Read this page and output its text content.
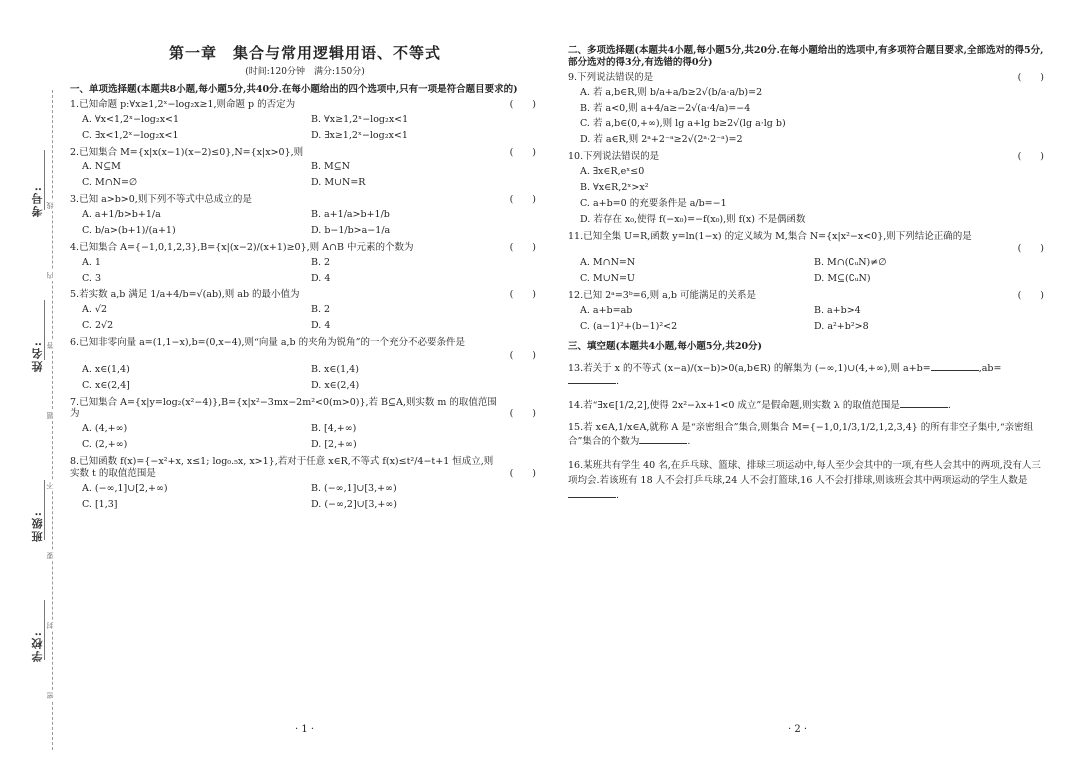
考号:
姓名:
班级:
学校:
线
内
答
题
不
要
封
密
第一章　集合与常用逻辑用语、不等式
(时间:120分钟　满分:150分)
一、单项选择题(本题共8小题,每小题5分,共40分.在每小题给出的四个选项中,只有一项是符合题目要求的)
1.已知命题 p:∀x≥1,2ˣ−log₂x≥1,则命题 p 的否定为	(　　)
A. ∀x<1,2ˣ−log₂x<1	B. ∀x≥1,2ˣ−log₂x<1
C. ∃x<1,2ˣ−log₂x<1	D. ∃x≥1,2ˣ−log₂x<1
2.已知集合 M={x|x(x−1)(x−2)≤0},N={x|x>0},则	(　　)
A. N⊆M	B. M⊆N
C. M∩N=∅	D. M∪N=R
3.已知 a>b>0,则下列不等式中总成立的是	(　　)
A. a+1/b>b+1/a	B. a+1/a>b+1/b
C. b/a>(b+1)/(a+1)	D. b−1/b>a−1/a
4.已知集合 A={−1,0,1,2,3},B={x|(x−2)/(x+1)≥0},则 A∩B 中元素的个数为	(　　)
A. 1	B. 2
C. 3	D. 4
5.若实数 a,b 满足 1/a+4/b=√(ab),则 ab 的最小值为	(　　)
A. √2	B. 2
C. 2√2	D. 4
6.已知非零向量 a=(1,1−x),b=(0,x−4),则“向量 a,b 的夹角为锐角”的一个充分不必要条件是
(　　)
A. x∈(1,4)	B. x∈(1,4)
C. x∈(2,4]	D. x∈(2,4)
7.已知集合 A={x|y=log₂(x²−4)},B={x|x²−3mx−2m²<0(m>0)},若 B⊆A,则实数 m 的取值范围为	(　　)
A. (4,+∞)	B. [4,+∞)
C. (2,+∞)	D. [2,+∞)
8.已知函数 f(x)={−x²+x, x≤1; log₀.₅x, x>1},若对于任意 x∈R,不等式 f(x)≤t²/4−t+1 恒成立,则实数 t 的取值范围是	(　　)
A. (−∞,1]∪[2,+∞)	B. (−∞,1]∪[3,+∞)
C. [1,3]	D. (−∞,2]∪[3,+∞)
· 1 ·
二、多项选择题(本题共4小题,每小题5分,共20分.在每小题给出的选项中,有多项符合题目要求,全部选对的得5分,部分选对的得3分,有选错的得0分)
9.下列说法错误的是	(　　)
A. 若 a,b∈R,则 b/a+a/b≥2√(b/a·a/b)=2
B. 若 a<0,则 a+4/a≥−2√(a·4/a)=−4
C. 若 a,b∈(0,+∞),则 lg a+lg b≥2√(lg a·lg b)
D. 若 a∈R,则 2ᵃ+2⁻ᵃ≥2√(2ᵃ·2⁻ᵃ)=2
10.下列说法错误的是	(　　)
A. ∃x∈R,eˣ≤0
B. ∀x∈R,2ˣ>x²
C. a+b=0 的充要条件是 a/b=−1
D. 若存在 x₀,使得 f(−x₀)=−f(x₀),则 f(x) 不是偶函数
11.已知全集 U=R,函数 y=ln(1−x) 的定义域为 M,集合 N={x|x²−x<0},则下列结论正确的是
(　　)
A. M∩N=N	B. M∩(∁ᵤN)≠∅
C. M∪N=U	D. M⊆(∁ᵤN)
12.已知 2ᵃ=3ᵇ=6,则 a,b 可能满足的关系是	(　　)
A. a+b=ab	B. a+b>4
C. (a−1)²+(b−1)²<2	D. a²+b²>8
三、填空题(本题共4小题,每小题5分,共20分)
13.若关于 x 的不等式 (x−a)/(x−b)>0(a,b∈R) 的解集为 (−∞,1)∪(4,+∞),则 a+b=	,ab=.
14.若“∃x∈[1/2,2],使得 2x²−λx+1<0 成立”是假命题,则实数 λ 的取值范围是	.
15.若 x∈A,1/x∈A,就称 A 是“亲密组合”集合,则集合 M={−1,0,1/3,1/2,1,2,3,4} 的所有非空子集中,“亲密组合”集合的个数为	.
16.某班共有学生 40 名,在乒乓球、篮球、排球三项运动中,每人至少会其中的一项,有些人会其中的两项,没有人三项均会.若该班有 18 人不会打乒乓球,24 人不会打篮球,16 人不会打排球,则该班会其中两项运动的学生人数是.
· 2 ·
